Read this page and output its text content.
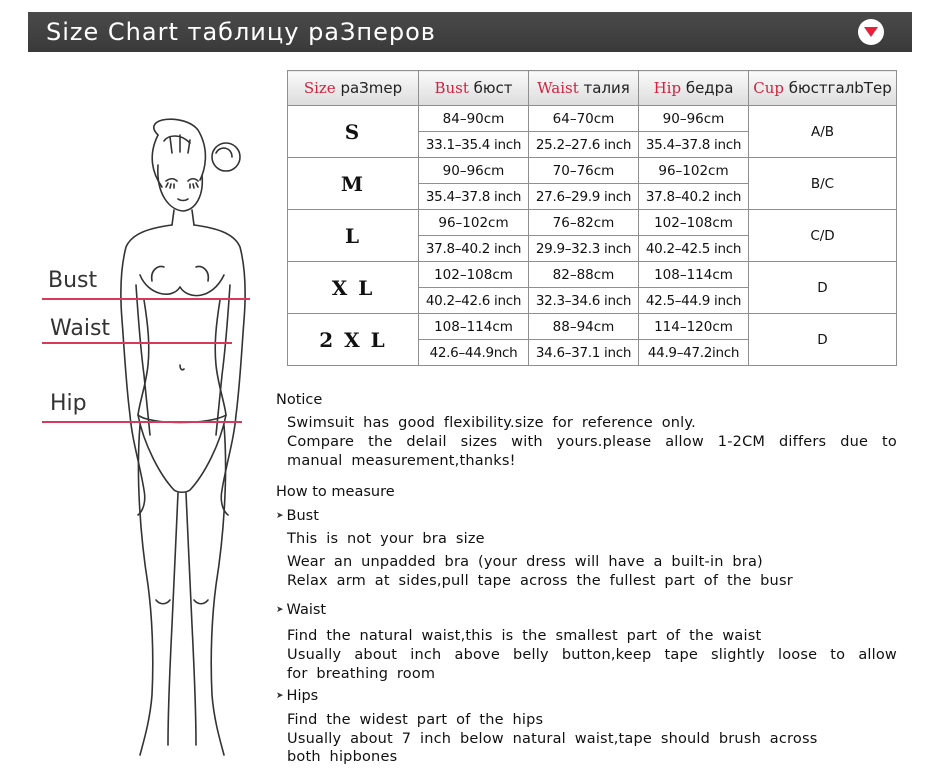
Size Chart таблицу раЗперов
Bust
Waist
Hip
Size paЗmep	Bust бюст	Waist талия	Hip бедра	Cup бюстгалbТер
S	84–90cm	64–70cm	90–96cm	A/B
	33.1–35.4 inch	25.2–27.6 inch	35.4–37.8 inch	
M	90–96cm	70–76cm	96–102cm	B/C
	35.4–37.8 inch	27.6–29.9 inch	37.8–40.2 inch	
L	96–102cm	76–82cm	102–108cm	C/D
	37.8–40.2 inch	29.9–32.3 inch	40.2–42.5 inch	
X L	102–108cm	82–88cm	108–114cm	D
	40.2–42.6 inch	32.3–34.6 inch	42.5–44.9 inch	
2 X L	108–114cm	88–94cm	114–120cm	D
	42.6–44.9nch	34.6–37.1 inch	44.9–47.2inch	
Notice
Swimsuit has good flexibility.size for reference only.
Compare the delail sizes with yours.please allow 1-2CM differs due to
manual measurement,thanks!
How to measure
➤ Bust
This is not your bra size
Wear an unpadded bra (your dress will have a built-in bra)
Relax arm at sides,pull tape across the fullest part of the busr
➤ Waist
Find the natural waist,this is the smallest part of the waist
Usually about inch above belly button,keep tape slightly loose to allow
for breathing room
➤ Hips
Find the widest part of the hips
Usually about 7 inch below natural waist,tape should brush across
both hipbones
